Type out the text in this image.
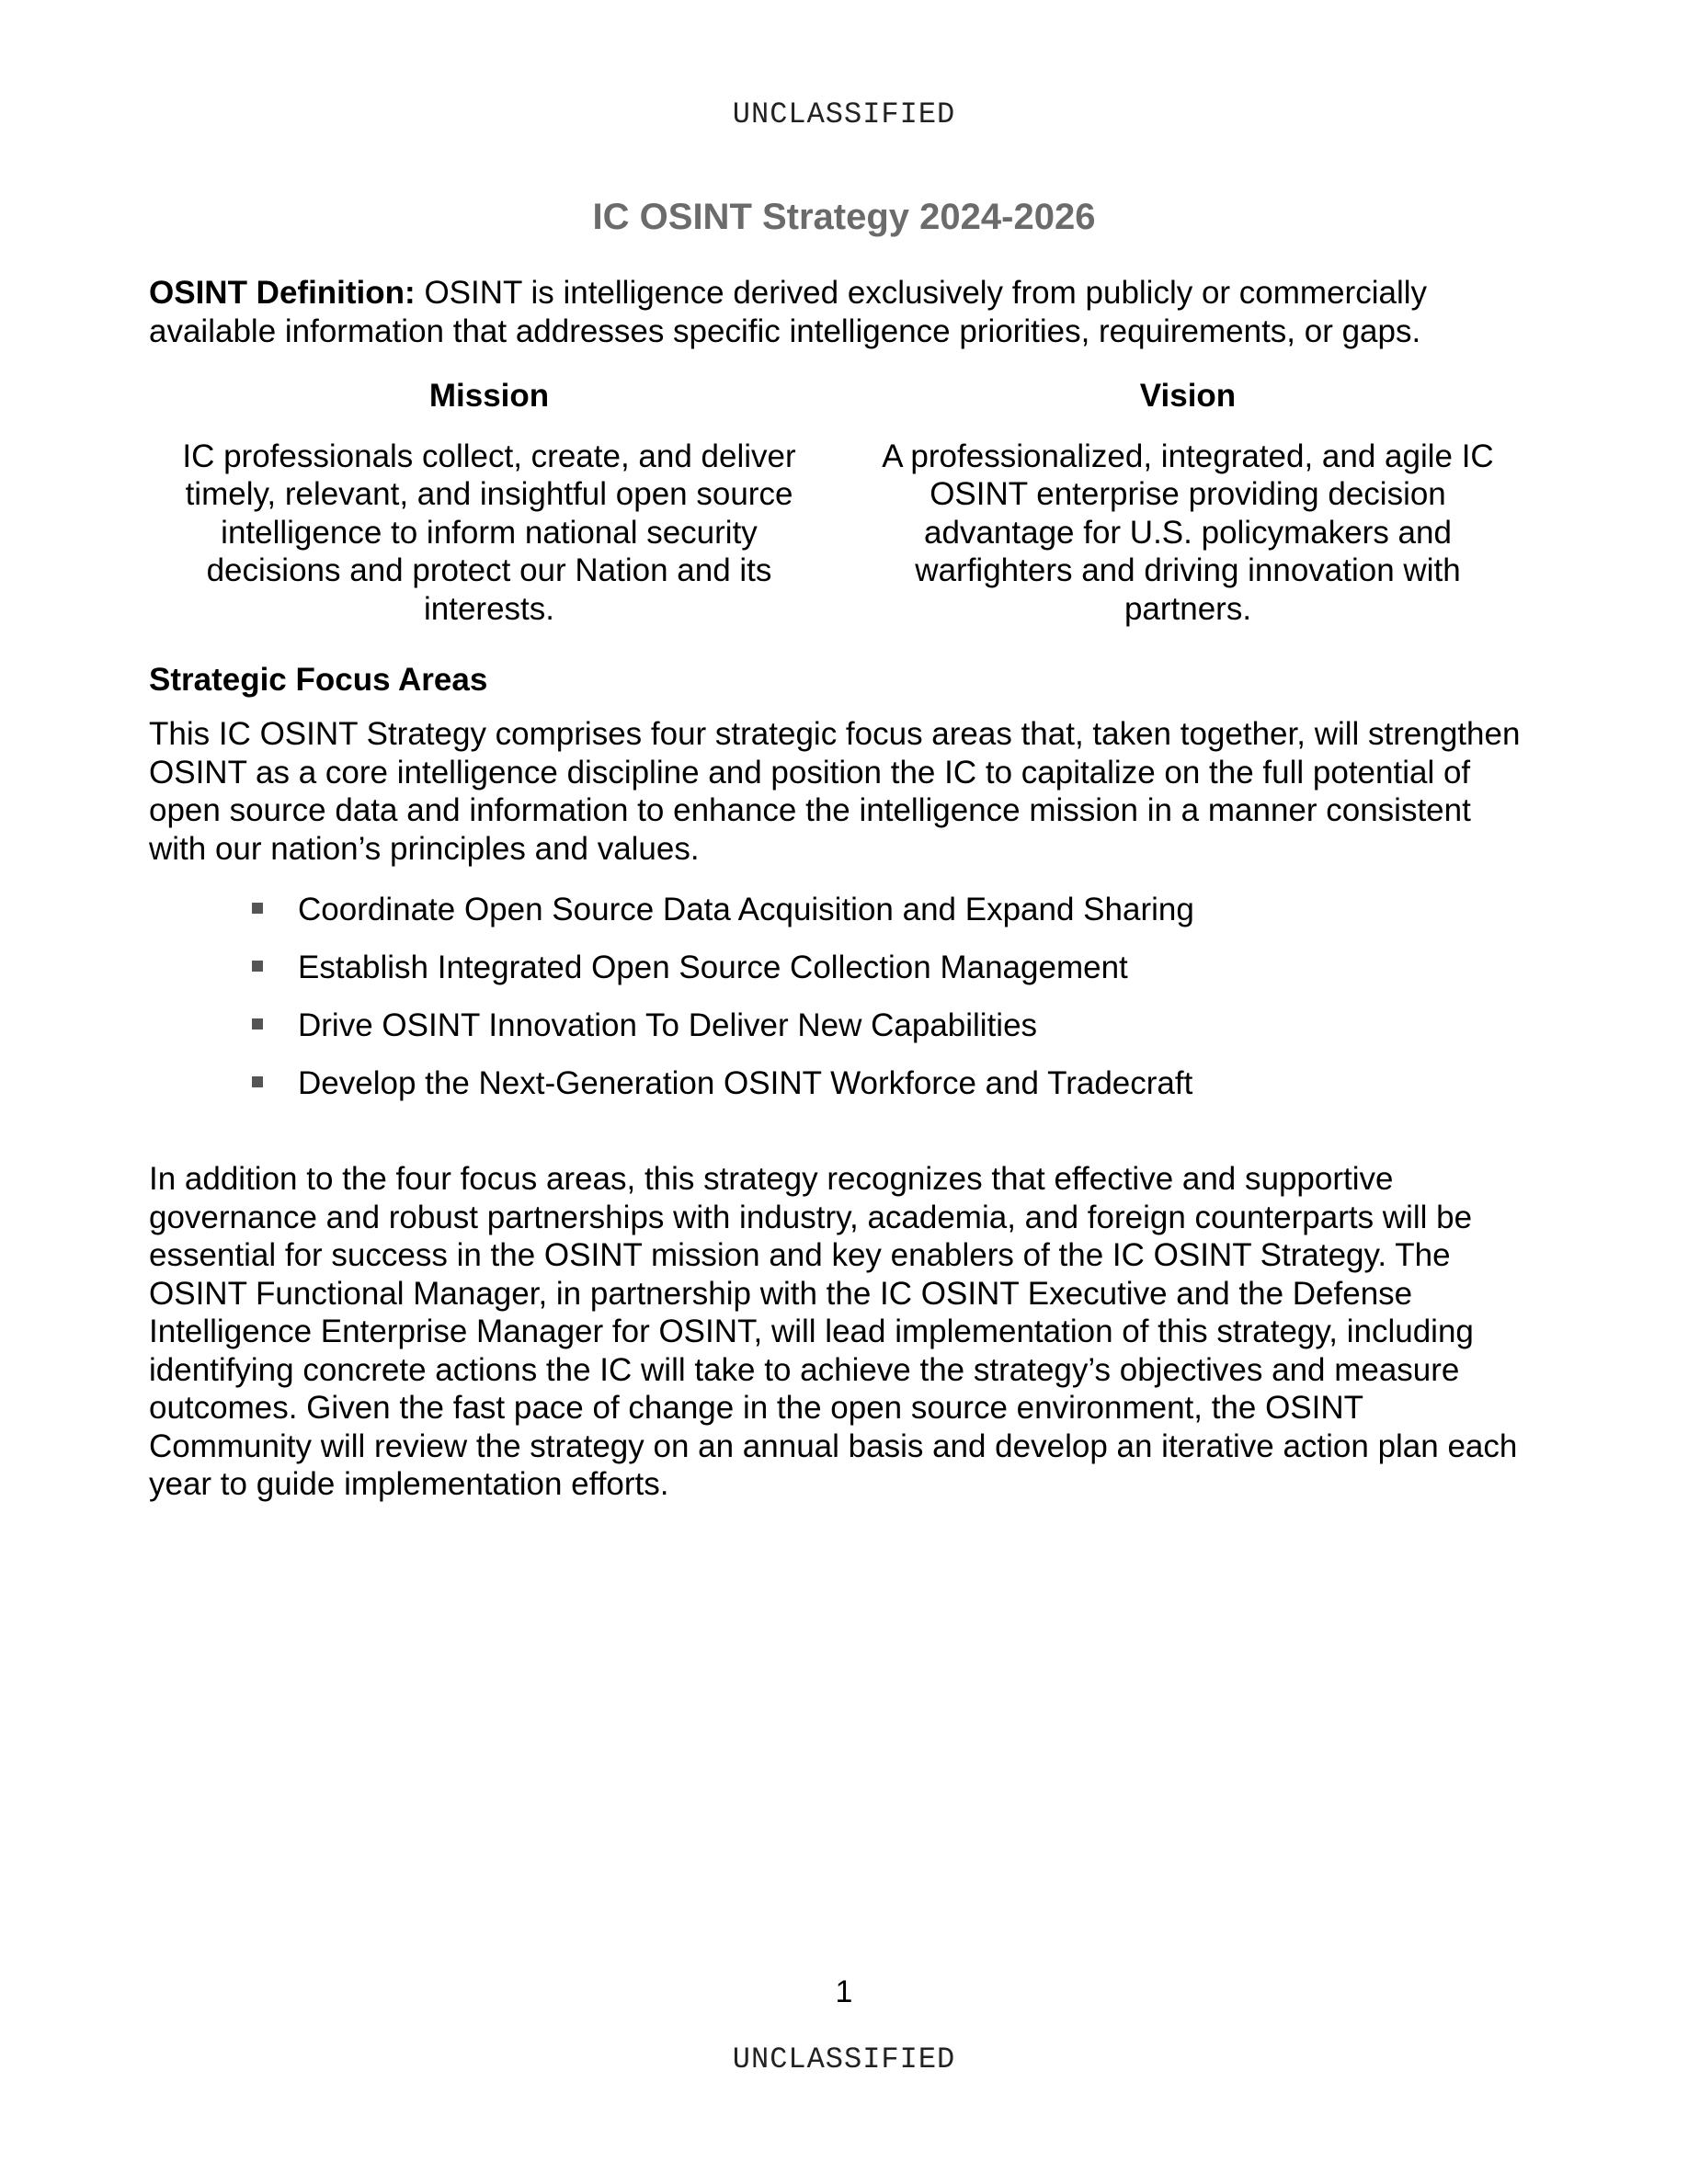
UNCLASSIFIED
IC OSINT Strategy 2024-2026
OSINT Definition: OSINT is intelligence derived exclusively from publicly or commercially available information that addresses specific intelligence priorities, requirements, or gaps.
Mission
IC professionals collect, create, and deliver timely, relevant, and insightful open source intelligence to inform national security decisions and protect our Nation and its interests.
Vision
A professionalized, integrated, and agile IC OSINT enterprise providing decision advantage for U.S. policymakers and warfighters and driving innovation with partners.
Strategic Focus Areas
This IC OSINT Strategy comprises four strategic focus areas that, taken together, will strengthen OSINT as a core intelligence discipline and position the IC to capitalize on the full potential of open source data and information to enhance the intelligence mission in a manner consistent with our nation’s principles and values.
Coordinate Open Source Data Acquisition and Expand Sharing
Establish Integrated Open Source Collection Management
Drive OSINT Innovation To Deliver New Capabilities
Develop the Next-Generation OSINT Workforce and Tradecraft
In addition to the four focus areas, this strategy recognizes that effective and supportive governance and robust partnerships with industry, academia, and foreign counterparts will be essential for success in the OSINT mission and key enablers of the IC OSINT Strategy. The OSINT Functional Manager, in partnership with the IC OSINT Executive and the Defense Intelligence Enterprise Manager for OSINT, will lead implementation of this strategy, including identifying concrete actions the IC will take to achieve the strategy’s objectives and measure outcomes. Given the fast pace of change in the open source environment, the OSINT Community will review the strategy on an annual basis and develop an iterative action plan each year to guide implementation efforts.
1
UNCLASSIFIED
